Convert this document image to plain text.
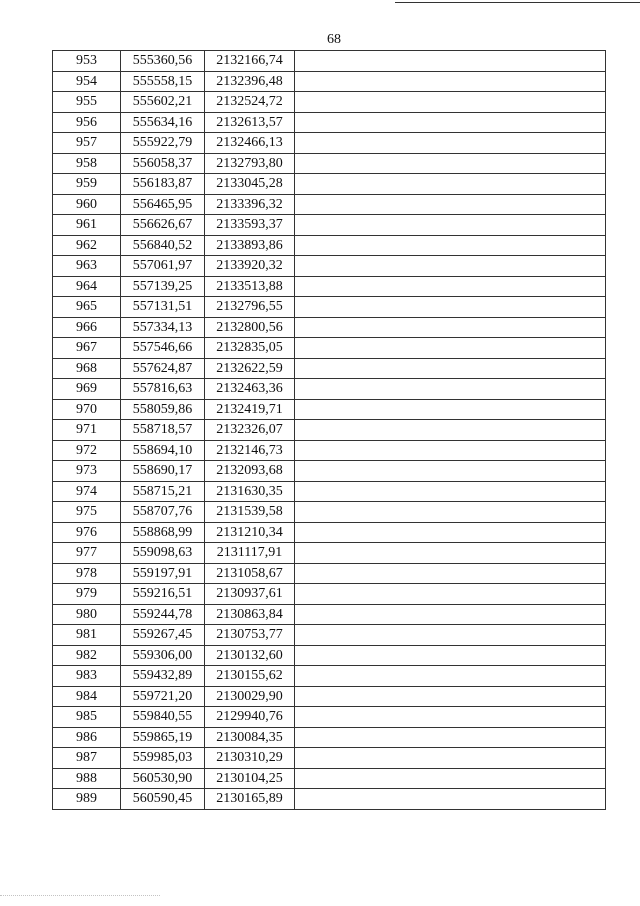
68
953	555360,56	2132166,74	
954	555558,15	2132396,48	
955	555602,21	2132524,72	
956	555634,16	2132613,57	
957	555922,79	2132466,13	
958	556058,37	2132793,80	
959	556183,87	2133045,28	
960	556465,95	2133396,32	
961	556626,67	2133593,37	
962	556840,52	2133893,86	
963	557061,97	2133920,32	
964	557139,25	2133513,88	
965	557131,51	2132796,55	
966	557334,13	2132800,56	
967	557546,66	2132835,05	
968	557624,87	2132622,59	
969	557816,63	2132463,36	
970	558059,86	2132419,71	
971	558718,57	2132326,07	
972	558694,10	2132146,73	
973	558690,17	2132093,68	
974	558715,21	2131630,35	
975	558707,76	2131539,58	
976	558868,99	2131210,34	
977	559098,63	2131117,91	
978	559197,91	2131058,67	
979	559216,51	2130937,61	
980	559244,78	2130863,84	
981	559267,45	2130753,77	
982	559306,00	2130132,60	
983	559432,89	2130155,62	
984	559721,20	2130029,90	
985	559840,55	2129940,76	
986	559865,19	2130084,35	
987	559985,03	2130310,29	
988	560530,90	2130104,25	
989	560590,45	2130165,89	
